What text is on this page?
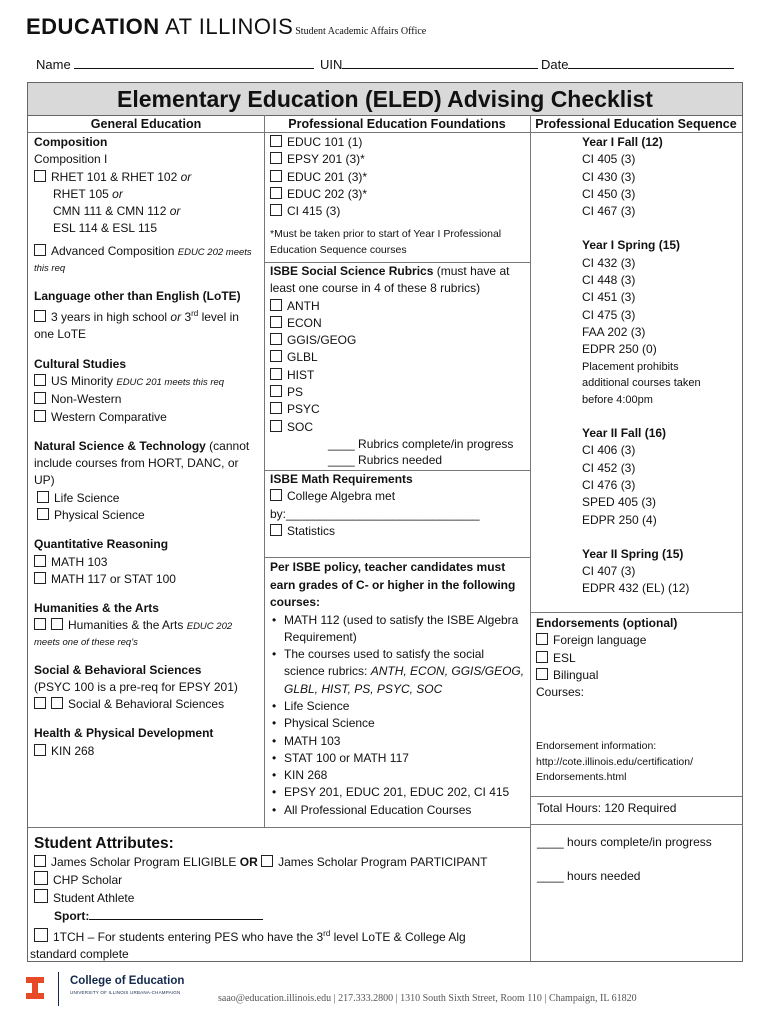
EDUCATION AT ILLINOIS Student Academic Affairs Office
Name	UIN	Date
Elementary Education (ELED) Advising Checklist
General Education	Professional Education Foundations	Professional Education Sequence
Composition
Composition I
RHET 101 & RHET 102 or
RHET 105 or
CMN 111 & CMN 112 or
ESL 114 & ESL 115
Advanced Composition EDUC 202 meets this req
Language other than English (LoTE)
3 years in high school or 3rd level in one LoTE
Cultural Studies
US Minority EDUC 201 meets this req
Non-Western
Western Comparative
Natural Science & Technology (cannot include courses from HORT, DANC, or UP)
Life Science
Physical Science
Quantitative Reasoning
MATH 103
MATH 117 or STAT 100
Humanities & the Arts
Humanities & the Arts EDUC 202 meets one of these req’s
Social & Behavioral Sciences
(PSYC 100 is a pre-req for EPSY 201)
Social & Behavioral Sciences
Health & Physical Development
KIN 268
EDUC 101 (1)
EPSY 201 (3)*
EDUC 201 (3)*
EDUC 202 (3)*
CI 415 (3)
*Must be taken prior to start of Year I Professional Education Sequence courses
ISBE Social Science Rubrics (must have at least one course in 4 of these 8 rubrics)
ANTH
ECON
GGIS/GEOG
GLBL
HIST
PS
PSYC
SOC
____ Rubrics complete/in progress
____ Rubrics needed
ISBE Math Requirements
College Algebra met
by:_____________________________
Statistics
Per ISBE policy, teacher candidates must earn grades of C- or higher in the following courses:
• MATH 112 (used to satisfy the ISBE Algebra Requirement)
• The courses used to satisfy the social science rubrics: ANTH, ECON, GGIS/GEOG, GLBL, HIST, PS, PSYC, SOC
• Life Science
• Physical Science
• MATH 103
• STAT 100 or MATH 117
• KIN 268
• EPSY 201, EDUC 201, EDUC 202, CI 415
• All Professional Education Courses
Year I Fall (12)
CI 405 (3)
CI 430 (3)
CI 450 (3)
CI 467 (3)
Year I Spring (15)
CI 432 (3)
CI 448 (3)
CI 451 (3)
CI 475 (3)
FAA 202 (3)
EDPR 250 (0)
Placement prohibits additional courses taken before 4:00pm
Year II Fall (16)
CI 406 (3)
CI 452 (3)
CI 476 (3)
SPED 405 (3)
EDPR 250 (4)
Year II Spring (15)
CI 407 (3)
EDPR 432 (EL) (12)
Endorsements (optional)
Foreign language
ESL
Bilingual
Courses:
Endorsement information:
http://cote.illinois.edu/certification/
Endorsements.html
Total Hours: 120 Required
____ hours complete/in progress
____ hours needed
Student Attributes:
James Scholar Program ELIGIBLE OR James Scholar Program PARTICIPANT
CHP Scholar
Student Athlete
Sport:
1TCH – For students entering PES who have the 3rd level LoTE & College Alg
standard complete
College of Education
UNIVERSITY OF ILLINOIS URBANA-CHAMPAIGN
saao@education.illinois.edu | 217.333.2800 | 1310 South Sixth Street, Room 110 | Champaign, IL 61820
